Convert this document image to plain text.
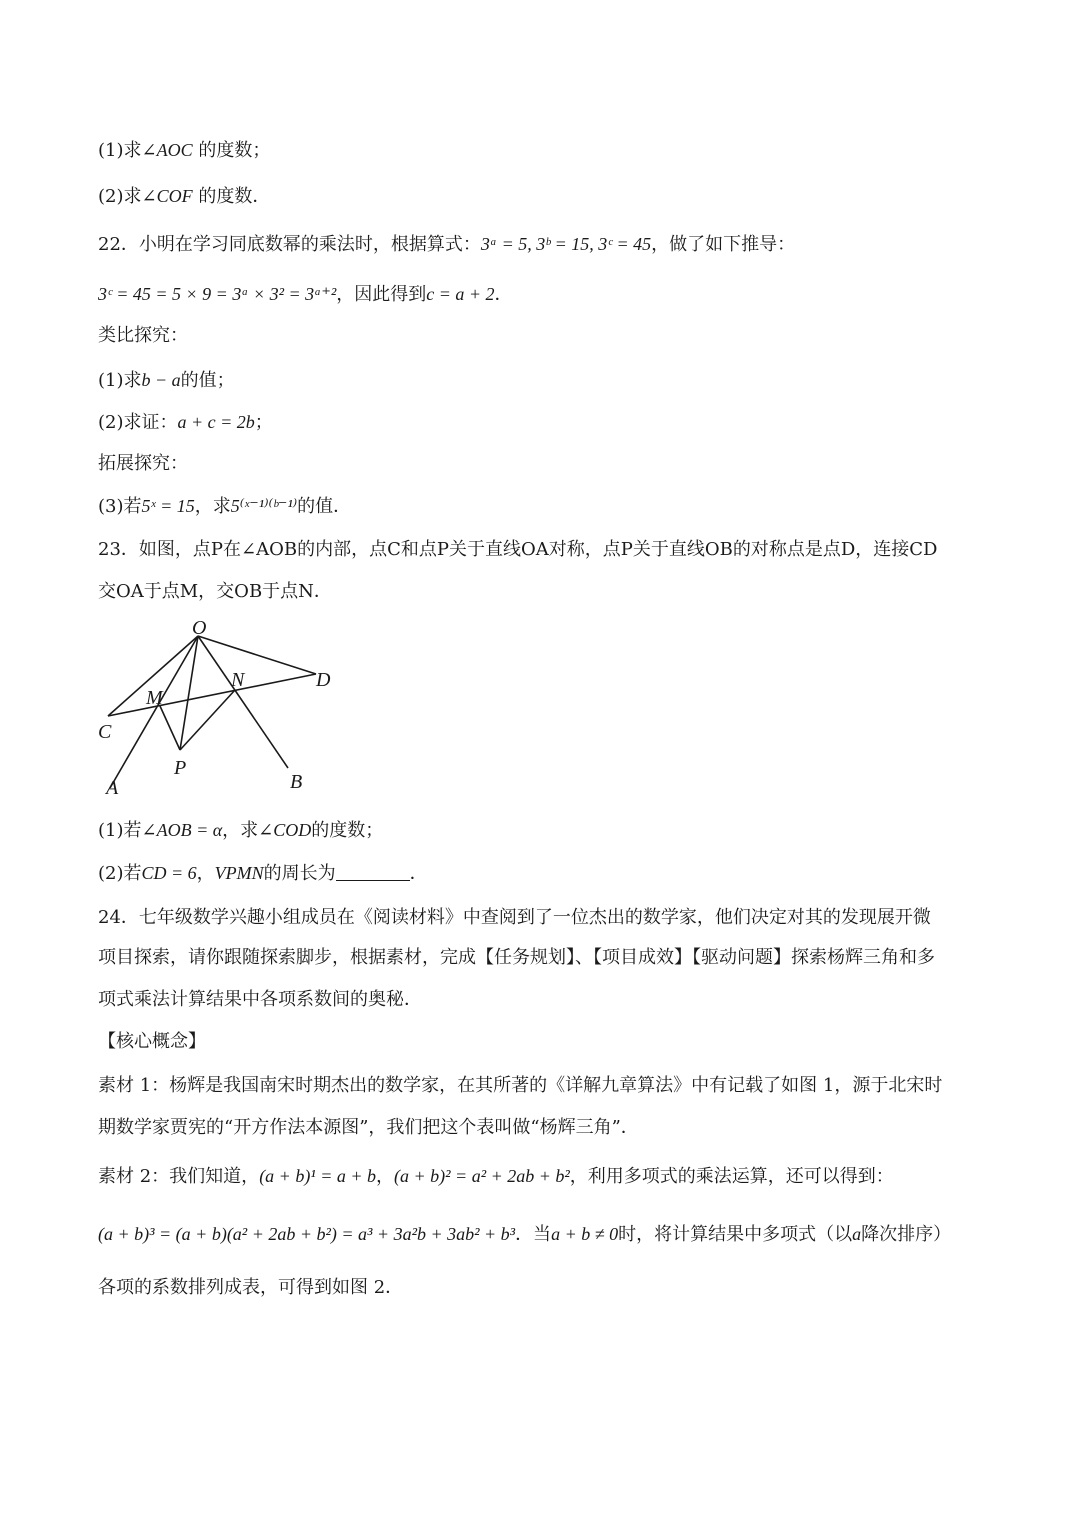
(1)求∠AOC 的度数；
(2)求∠COF 的度数．
22．小明在学习同底数幂的乘法时，根据算式：3ᵃ = 5, 3ᵇ = 15, 3ᶜ = 45，做了如下推导：
3ᶜ = 45 = 5 × 9 = 3ᵃ × 3² = 3ᵃ⁺²，因此得到c = a + 2．
类比探究：
(1)求b − a的值；
(2)求证：a + c = 2b；
拓展探究：
(3)若5ˣ = 15，求5⁽ˣ⁻¹⁾⁽ᵇ⁻¹⁾的值．
23．如图，点P在∠AOB的内部，点C和点P关于直线OA对称，点P关于直线OB的对称点是点D，连接CD
交OA于点M，交OB于点N．
O
M
N	D
C
P
A	B
(1)若∠AOB = α，求∠COD的度数；
(2)若CD = 6，VPMN的周长为	．
24．七年级数学兴趣小组成员在《阅读材料》中查阅到了一位杰出的数学家，他们决定对其的发现展开微
项目探索，请你跟随探索脚步，根据素材，完成【任务规划】、【项目成效】【驱动问题】探索杨辉三角和多
项式乘法计算结果中各项系数间的奥秘．
【核心概念】
素材 1：杨辉是我国南宋时期杰出的数学家，在其所著的《详解九章算法》中有记载了如图 1，源于北宋时
期数学家贾宪的“开方作法本源图”，我们把这个表叫做“杨辉三角”．
素材 2：我们知道，(a + b)¹ = a + b，(a + b)² = a² + 2ab + b²，利用多项式的乘法运算，还可以得到：
(a + b)³ = (a + b)(a² + 2ab + b²) = a³ + 3a²b + 3ab² + b³．当a + b ≠ 0时，将计算结果中多项式（以a降次排序）
各项的系数排列成表，可得到如图 2．
